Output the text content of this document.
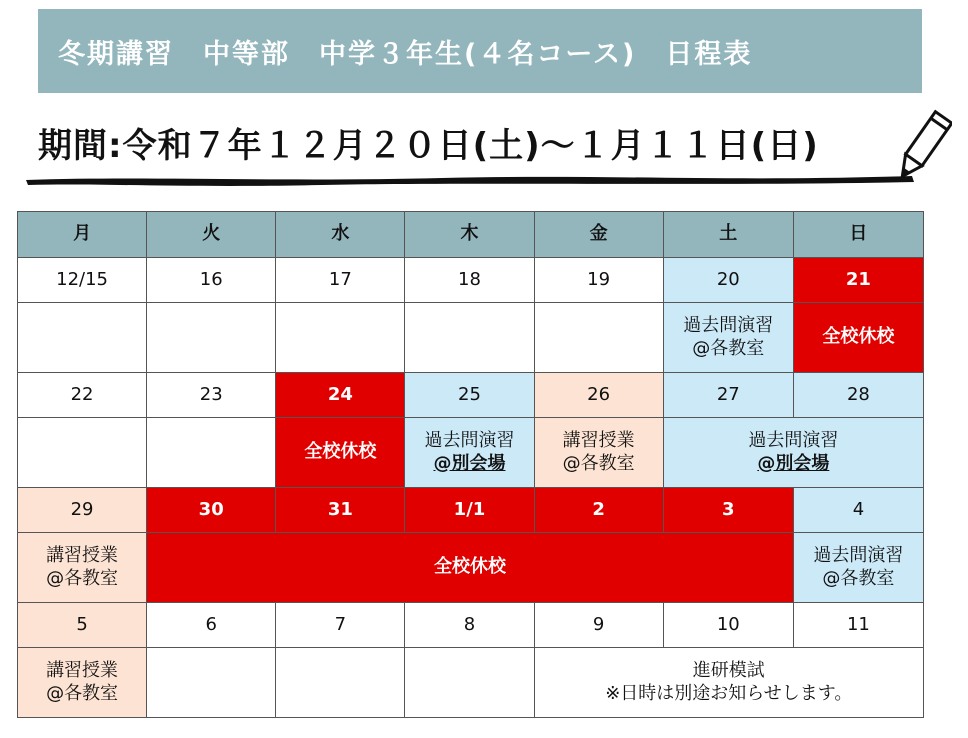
冬期講習　中等部　中学３年生(４名コース)　日程表
期間:令和７年１２月２０日(土)～１月１１日(日)
月	火	水	木	金	土	日
12/15	16	17	18	19	20	21

					過去問演習
@各教室	全校休校
22	23	24	25	26	27	28
		全校休校	過去問演習
@別会場	講習授業
@各教室	過去問演習
@別会場	

29	30	31	1/1	2	3	4

講習授業
@各教室	全校休校					過去問演習
@各教室

5	6	7	8	9	10	11

講習授業
@各教室				進研模試
※日時は別途お知らせします。		
